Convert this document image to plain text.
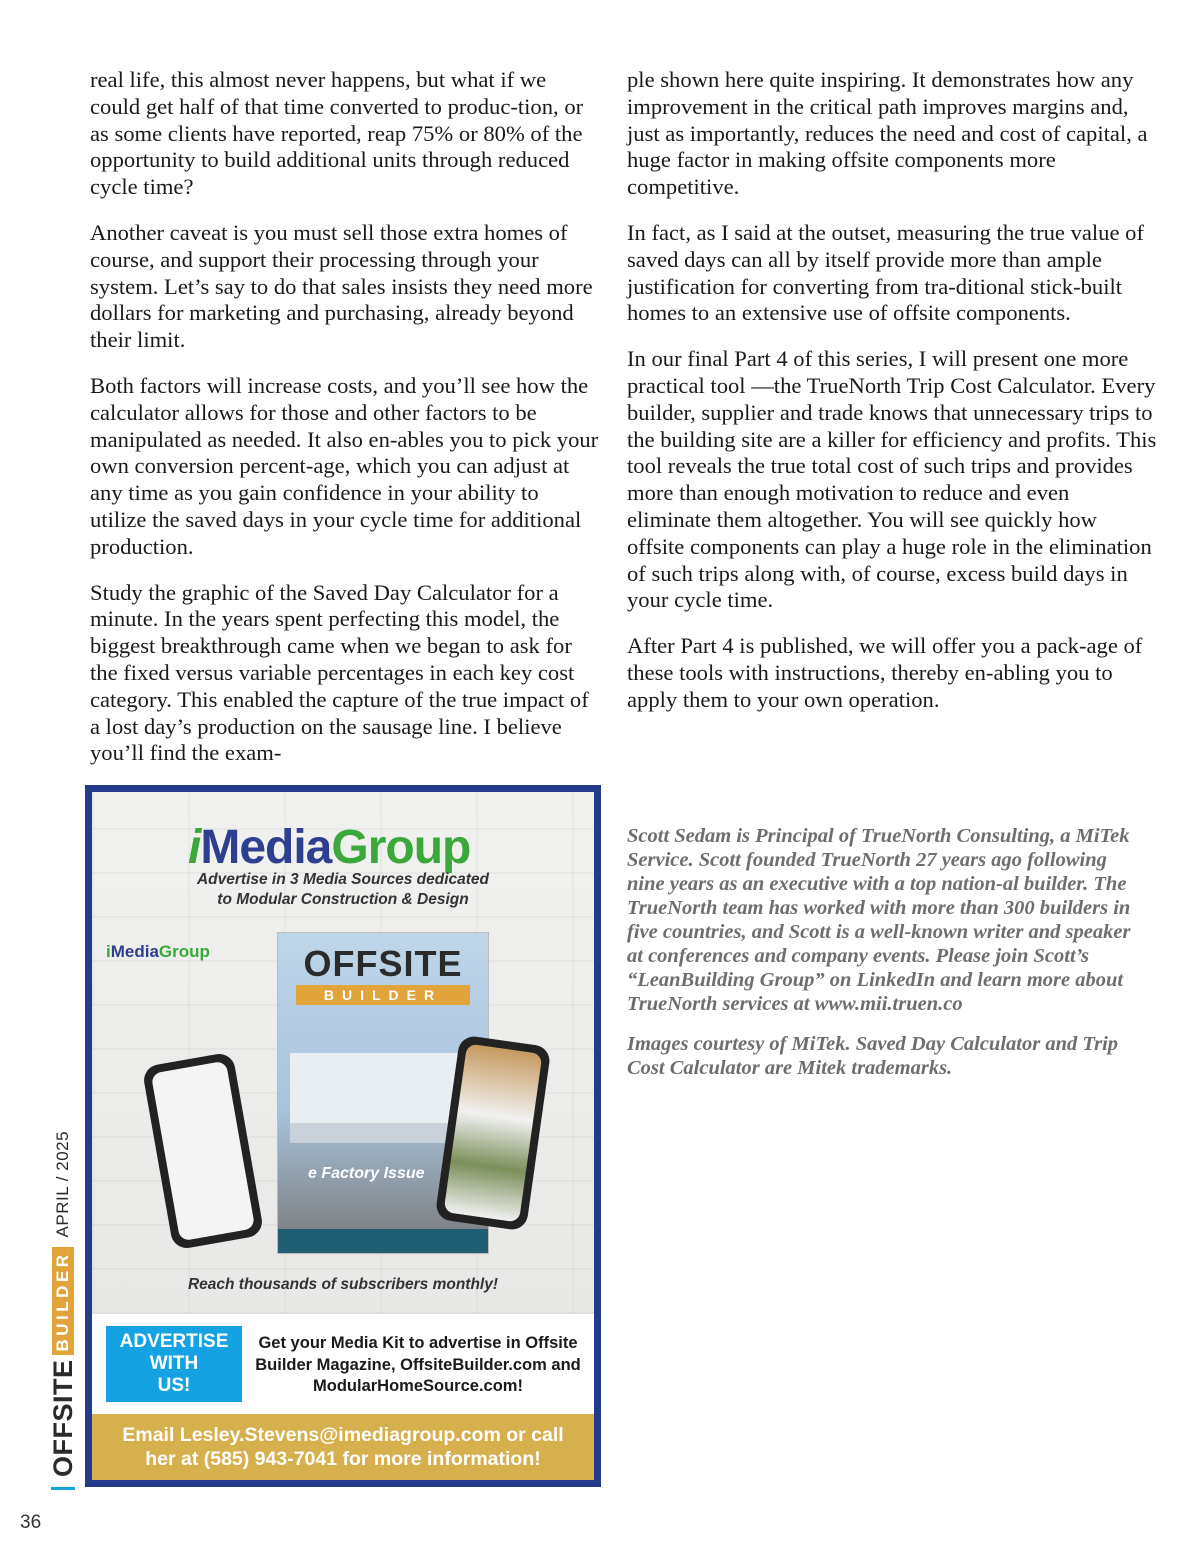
real life, this almost never happens, but what if we could get half of that time converted to produc-tion, or as some clients have reported, reap 75% or 80% of the opportunity to build additional units through reduced cycle time?

Another caveat is you must sell those extra homes of course, and support their processing through your system. Let’s say to do that sales insists they need more dollars for marketing and purchasing, already beyond their limit.

Both factors will increase costs, and you’ll see how the calculator allows for those and other factors to be manipulated as needed. It also en-ables you to pick your own conversion percent-age, which you can adjust at any time as you gain confidence in your ability to utilize the saved days in your cycle time for additional production.

Study the graphic of the Saved Day Calculator for a minute. In the years spent perfecting this model, the biggest breakthrough came when we began to ask for the fixed versus variable percentages in each key cost category. This enabled the capture of the true impact of a lost day’s production on the sausage line. I believe you’ll find the exam-

ple shown here quite inspiring. It demonstrates how any improvement in the critical path improves margins and, just as importantly, reduces the need and cost of capital, a huge factor in making offsite components more competitive.

In fact, as I said at the outset, measuring the true value of saved days can all by itself provide more than ample justification for converting from tra-ditional stick-built homes to an extensive use of offsite components.

In our final Part 4 of this series, I will present one more practical tool —the TrueNorth Trip Cost Calculator. Every builder, supplier and trade knows that unnecessary trips to the building site are a killer for efficiency and profits. This tool reveals the true total cost of such trips and provides more than enough motivation to reduce and even eliminate them altogether. You will see quickly how offsite components can play a huge role in the elimination of such trips along with, of course, excess build days in your cycle time.

After Part 4 is published, we will offer you a pack-age of these tools with instructions, thereby en-abling you to apply them to your own operation.

Scott Sedam is Principal of TrueNorth Consulting, a MiTek Service. Scott founded TrueNorth 27 years ago following nine years as an executive with a top nation-al builder. The TrueNorth team has worked with more than 300 builders in five countries, and Scott is a well-known writer and speaker at conferences and company events. Please join Scott’s “LeanBuilding Group” on LinkedIn and learn more about TrueNorth services at www.mii.truen.co

Images courtesy of MiTek. Saved Day Calculator and Trip Cost Calculator are Mitek trademarks.

iMediaGroup
Advertise in 3 Media Sources dedicated
to Modular Construction & Design
iMediaGroup	OFFSITE
BUILDER
e Factory Issue
Reach thousands of subscribers monthly!
ADVERTISE
WITH
US!
Get your Media Kit to advertise in Offsite Builder Magazine, OffsiteBuilder.com and ModularHomeSource.com!
Email Lesley.Stevens@imediagroup.com or call
her at (585) 943-7041 for more information!
OFFSITE
BUILDER
APRIL / 2025
36
